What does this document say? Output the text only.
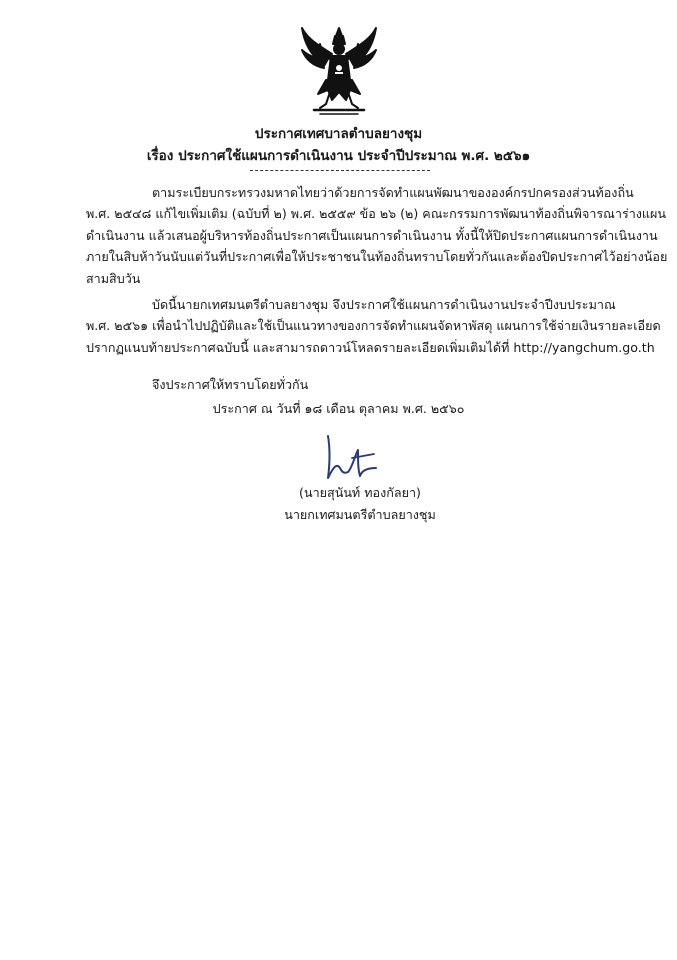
ประกาศเทศบาลตำบลยางชุม
เรื่อง ประกาศใช้แผนการดำเนินงาน ประจำปีประมาณ พ.ศ. ๒๕๖๑
ตามระเบียบกระทรวงมหาดไทยว่าด้วยการจัดทำแผนพัฒนาขององค์กรปกครองส่วนท้องถิ่น
พ.ศ. ๒๕๔๘ แก้ไขเพิ่มเติม (ฉบับที่ ๒) พ.ศ. ๒๕๕๙ ข้อ ๒๖ (๒) คณะกรรมการพัฒนาท้องถิ่นพิจารณาร่างแผน
ดำเนินงาน แล้วเสนอผู้บริหารท้องถิ่นประกาศเป็นแผนการดำเนินงาน ทั้งนี้ให้ปิดประกาศแผนการดำเนินงาน
ภายในสิบห้าวันนับแต่วันที่ประกาศเพื่อให้ประชาชนในท้องถิ่นทราบโดยทั่วกันและต้องปิดประกาศไว้อย่างน้อย
สามสิบวัน
บัดนี้นายกเทศมนตรีตำบลยางชุม จึงประกาศใช้แผนการดำเนินงานประจำปีงบประมาณ
พ.ศ. ๒๕๖๑ เพื่อนำไปปฏิบัติและใช้เป็นแนวทางของการจัดทำแผนจัดหาพัสดุ แผนการใช้จ่ายเงินรายละเอียด
ปรากฏแนบท้ายประกาศฉบับนี้ และสามารถดาวน์โหลดรายละเอียดเพิ่มเติมได้ที่ http://yangchum.go.th
จึงประกาศให้ทราบโดยทั่วกัน
ประกาศ ณ วันที่ ๑๘ เดือน ตุลาคม พ.ศ. ๒๕๖๐
(นายสุนันท์ ทองกัลยา)
นายกเทศมนตรีตำบลยางชุม
